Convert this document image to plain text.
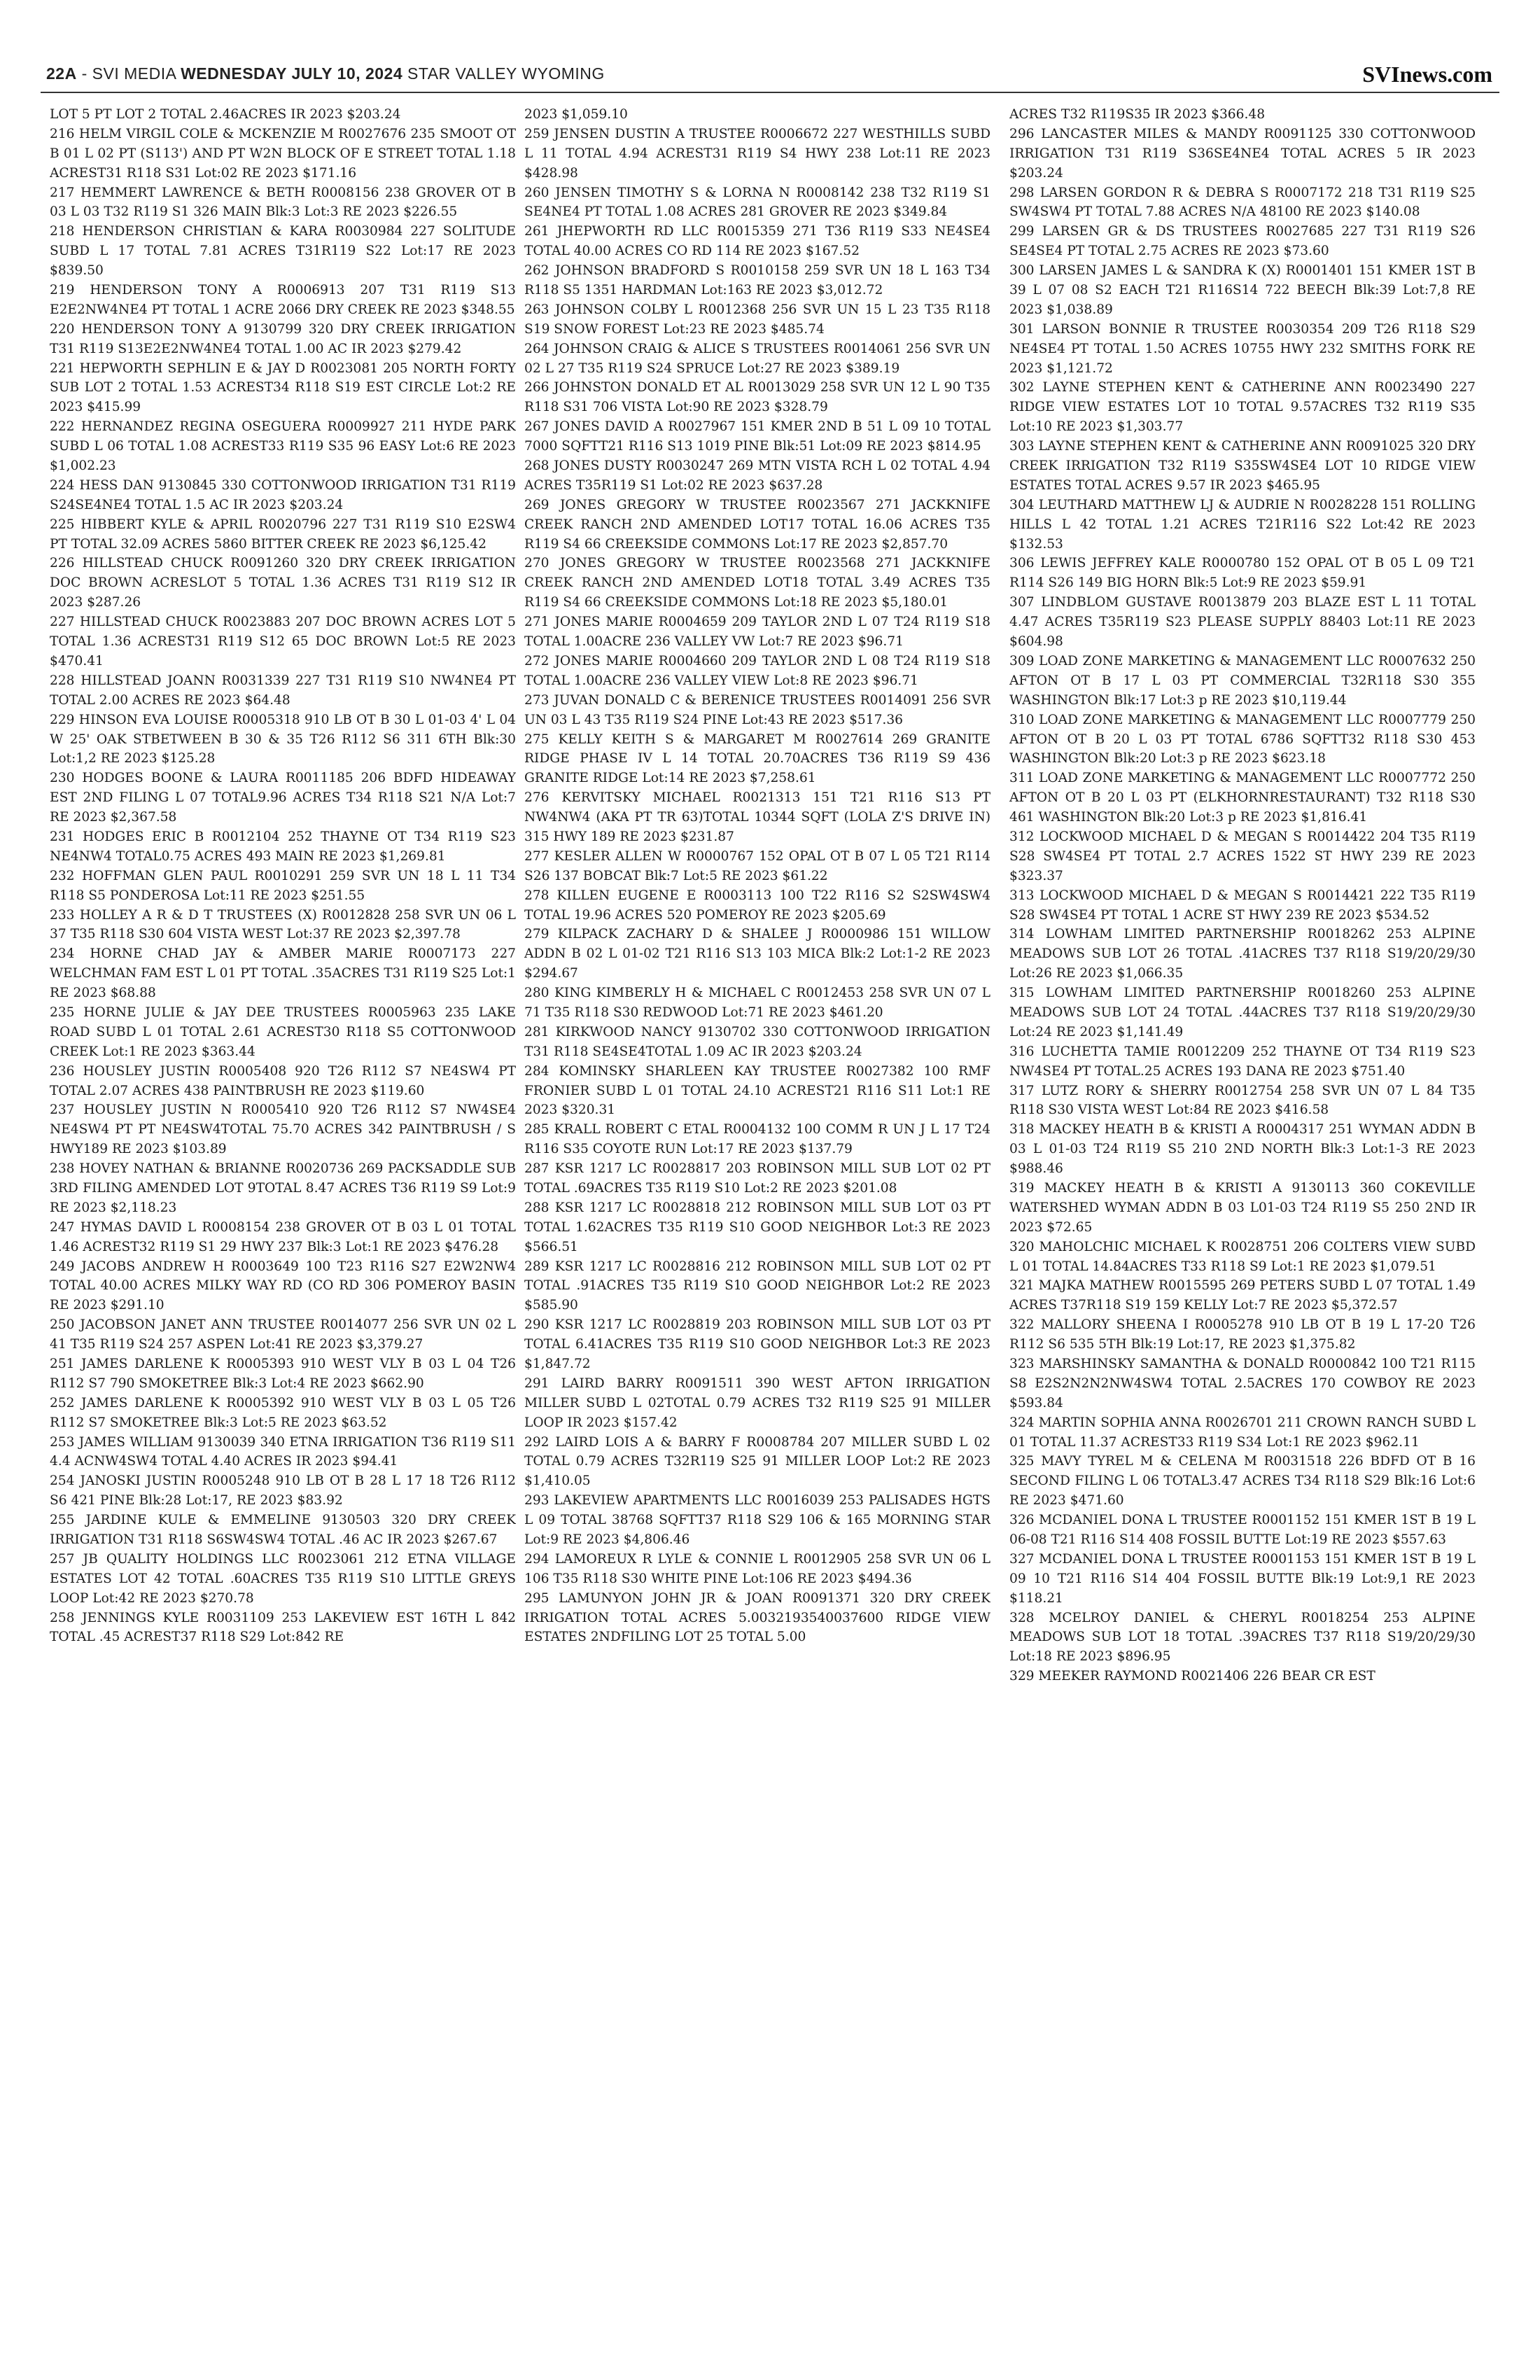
22A - SVI MEDIA WEDNESDAY JULY 10, 2024 STAR VALLEY WYOMING	SVInews.com

LOT 5 PT LOT 2 TOTAL 2.46ACRES IR 2023 $203.24

216 HELM VIRGIL COLE & MCKENZIE M R0027676 235 SMOOT OT B 01 L 02 PT (S113') AND PT W2N BLOCK OF E STREET TOTAL 1.18 ACREST31 R118 S31 Lot:02 RE 2023 $171.16

217 HEMMERT LAWRENCE & BETH R0008156 238 GROVER OT B 03 L 03 T32 R119 S1 326 MAIN Blk:3 Lot:3 RE 2023 $226.55

218 HENDERSON CHRISTIAN & KARA R0030984 227 SOLITUDE SUBD L 17 TOTAL 7.81 ACRES T31R119 S22 Lot:17 RE 2023 $839.50

219 HENDERSON TONY A R0006913 207 T31 R119 S13 E2E2NW4NE4 PT TOTAL 1 ACRE 2066 DRY CREEK RE 2023 $348.55

220 HENDERSON TONY A 9130799 320 DRY CREEK IRRIGATION T31 R119 S13E2E2NW4NE4 TOTAL 1.00 AC IR 2023 $279.42

221 HEPWORTH SEPHLIN E & JAY D R0023081 205 NORTH FORTY SUB LOT 2 TOTAL 1.53 ACREST34 R118 S19 EST CIRCLE Lot:2 RE 2023 $415.99

222 HERNANDEZ REGINA OSEGUERA R0009927 211 HYDE PARK SUBD L 06 TOTAL 1.08 ACREST33 R119 S35 96 EASY Lot:6 RE 2023 $1,002.23

224 HESS DAN 9130845 330 COTTONWOOD IRRIGATION T31 R119 S24SE4NE4 TOTAL 1.5 AC IR 2023 $203.24

225 HIBBERT KYLE & APRIL R0020796 227 T31 R119 S10 E2SW4 PT TOTAL 32.09 ACRES 5860 BITTER CREEK RE 2023 $6,125.42

226 HILLSTEAD CHUCK R0091260 320 DRY CREEK IRRIGATION DOC BROWN ACRESLOT 5 TOTAL 1.36 ACRES T31 R119 S12 IR 2023 $287.26

227 HILLSTEAD CHUCK R0023883 207 DOC BROWN ACRES LOT 5 TOTAL 1.36 ACREST31 R119 S12 65 DOC BROWN Lot:5 RE 2023 $470.41

228 HILLSTEAD JOANN R0031339 227 T31 R119 S10 NW4NE4 PT TOTAL 2.00 ACRES RE 2023 $64.48

229 HINSON EVA LOUISE R0005318 910 LB OT B 30 L 01-03 4' L 04 W 25' OAK STBETWEEN B 30 & 35 T26 R112 S6 311 6TH Blk:30 Lot:1,2 RE 2023 $125.28

230 HODGES BOONE & LAURA R0011185 206 BDFD HIDEAWAY EST 2ND FILING L 07 TOTAL9.96 ACRES T34 R118 S21 N/A Lot:7 RE 2023 $2,367.58

231 HODGES ERIC B R0012104 252 THAYNE OT T34 R119 S23 NE4NW4 TOTAL0.75 ACRES 493 MAIN RE 2023 $1,269.81

232 HOFFMAN GLEN PAUL R0010291 259 SVR UN 18 L 11 T34 R118 S5 PONDEROSA Lot:11 RE 2023 $251.55

233 HOLLEY A R & D T TRUSTEES (X) R0012828 258 SVR UN 06 L 37 T35 R118 S30 604 VISTA WEST Lot:37 RE 2023 $2,397.78

234 HORNE CHAD JAY & AMBER MARIE R0007173 227 WELCHMAN FAM EST L 01 PT TOTAL .35ACRES T31 R119 S25 Lot:1 RE 2023 $68.88

235 HORNE JULIE & JAY DEE TRUSTEES R0005963 235 LAKE ROAD SUBD L 01 TOTAL 2.61 ACREST30 R118 S5 COTTONWOOD CREEK Lot:1 RE 2023 $363.44

236 HOUSLEY JUSTIN R0005408 920 T26 R112 S7 NE4SW4 PT TOTAL 2.07 ACRES 438 PAINTBRUSH RE 2023 $119.60

237 HOUSLEY JUSTIN N R0005410 920 T26 R112 S7 NW4SE4 NE4SW4 PT PT NE4SW4TOTAL 75.70 ACRES 342 PAINTBRUSH / S HWY189 RE 2023 $103.89

238 HOVEY NATHAN & BRIANNE R0020736 269 PACKSADDLE SUB 3RD FILING AMENDED LOT 9TOTAL 8.47 ACRES T36 R119 S9 Lot:9 RE 2023 $2,118.23

247 HYMAS DAVID L R0008154 238 GROVER OT B 03 L 01 TOTAL 1.46 ACREST32 R119 S1 29 HWY 237 Blk:3 Lot:1 RE 2023 $476.28

249 JACOBS ANDREW H R0003649 100 T23 R116 S27 E2W2NW4 TOTAL 40.00 ACRES MILKY WAY RD (CO RD 306 POMEROY BASIN RE 2023 $291.10

250 JACOBSON JANET ANN TRUSTEE R0014077 256 SVR UN 02 L 41 T35 R119 S24 257 ASPEN Lot:41 RE 2023 $3,379.27

251 JAMES DARLENE K R0005393 910 WEST VLY B 03 L 04 T26 R112 S7 790 SMOKETREE Blk:3 Lot:4 RE 2023 $662.90

252 JAMES DARLENE K R0005392 910 WEST VLY B 03 L 05 T26 R112 S7 SMOKETREE Blk:3 Lot:5 RE 2023 $63.52

253 JAMES WILLIAM 9130039 340 ETNA IRRIGATION T36 R119 S11 4.4 ACNW4SW4 TOTAL 4.40 ACRES IR 2023 $94.41

254 JANOSKI JUSTIN R0005248 910 LB OT B 28 L 17 18 T26 R112 S6 421 PINE Blk:28 Lot:17, RE 2023 $83.92

255 JARDINE KULE & EMMELINE 9130503 320 DRY CREEK IRRIGATION T31 R118 S6SW4SW4 TOTAL .46 AC IR 2023 $267.67

257 JB QUALITY HOLDINGS LLC R0023061 212 ETNA VILLAGE ESTATES LOT 42 TOTAL .60ACRES T35 R119 S10 LITTLE GREYS LOOP Lot:42 RE 2023 $270.78

258 JENNINGS KYLE R0031109 253 LAKEVIEW EST 16TH L 842 TOTAL .45 ACREST37 R118 S29 Lot:842 RE

2023 $1,059.10

259 JENSEN DUSTIN A TRUSTEE R0006672 227 WESTHILLS SUBD L 11 TOTAL 4.94 ACREST31 R119 S4 HWY 238 Lot:11 RE 2023 $428.98

260 JENSEN TIMOTHY S & LORNA N R0008142 238 T32 R119 S1 SE4NE4 PT TOTAL 1.08 ACRES 281 GROVER RE 2023 $349.84

261 JHEPWORTH RD LLC R0015359 271 T36 R119 S33 NE4SE4 TOTAL 40.00 ACRES CO RD 114 RE 2023 $167.52

262 JOHNSON BRADFORD S R0010158 259 SVR UN 18 L 163 T34 R118 S5 1351 HARDMAN Lot:163 RE 2023 $3,012.72

263 JOHNSON COLBY L R0012368 256 SVR UN 15 L 23 T35 R118 S19 SNOW FOREST Lot:23 RE 2023 $485.74

264 JOHNSON CRAIG & ALICE S TRUSTEES R0014061 256 SVR UN 02 L 27 T35 R119 S24 SPRUCE Lot:27 RE 2023 $389.19

266 JOHNSTON DONALD ET AL R0013029 258 SVR UN 12 L 90 T35 R118 S31 706 VISTA Lot:90 RE 2023 $328.79

267 JONES DAVID A R0027967 151 KMER 2ND B 51 L 09 10 TOTAL 7000 SQFTT21 R116 S13 1019 PINE Blk:51 Lot:09 RE 2023 $814.95

268 JONES DUSTY R0030247 269 MTN VISTA RCH L 02 TOTAL 4.94 ACRES T35R119 S1 Lot:02 RE 2023 $637.28

269 JONES GREGORY W TRUSTEE R0023567 271 JACKKNIFE CREEK RANCH 2ND AMENDED LOT17 TOTAL 16.06 ACRES T35 R119 S4 66 CREEKSIDE COMMONS Lot:17 RE 2023 $2,857.70

270 JONES GREGORY W TRUSTEE R0023568 271 JACKKNIFE CREEK RANCH 2ND AMENDED LOT18 TOTAL 3.49 ACRES T35 R119 S4 66 CREEKSIDE COMMONS Lot:18 RE 2023 $5,180.01

271 JONES MARIE R0004659 209 TAYLOR 2ND L 07 T24 R119 S18 TOTAL 1.00ACRE 236 VALLEY VW Lot:7 RE 2023 $96.71

272 JONES MARIE R0004660 209 TAYLOR 2ND L 08 T24 R119 S18 TOTAL 1.00ACRE 236 VALLEY VIEW Lot:8 RE 2023 $96.71

273 JUVAN DONALD C & BERENICE TRUSTEES R0014091 256 SVR UN 03 L 43 T35 R119 S24 PINE Lot:43 RE 2023 $517.36

275 KELLY KEITH S & MARGARET M R0027614 269 GRANITE RIDGE PHASE IV L 14 TOTAL 20.70ACRES T36 R119 S9 436 GRANITE RIDGE Lot:14 RE 2023 $7,258.61

276 KERVITSKY MICHAEL R0021313 151 T21 R116 S13 PT NW4NW4 (AKA PT TR 63)TOTAL 10344 SQFT (LOLA Z'S DRIVE IN) 315 HWY 189 RE 2023 $231.87

277 KESLER ALLEN W R0000767 152 OPAL OT B 07 L 05 T21 R114 S26 137 BOBCAT Blk:7 Lot:5 RE 2023 $61.22

278 KILLEN EUGENE E R0003113 100 T22 R116 S2 S2SW4SW4 TOTAL 19.96 ACRES 520 POMEROY RE 2023 $205.69

279 KILPACK ZACHARY D & SHALEE J R0000986 151 WILLOW ADDN B 02 L 01-02 T21 R116 S13 103 MICA Blk:2 Lot:1-2 RE 2023 $294.67

280 KING KIMBERLY H & MICHAEL C R0012453 258 SVR UN 07 L 71 T35 R118 S30 REDWOOD Lot:71 RE 2023 $461.20

281 KIRKWOOD NANCY 9130702 330 COTTONWOOD IRRIGATION T31 R118 SE4SE4TOTAL 1.09 AC IR 2023 $203.24

284 KOMINSKY SHARLEEN KAY TRUSTEE R0027382 100 RMF FRONIER SUBD L 01 TOTAL 24.10 ACREST21 R116 S11 Lot:1 RE 2023 $320.31

285 KRALL ROBERT C ETAL R0004132 100 COMM R UN J L 17 T24 R116 S35 COYOTE RUN Lot:17 RE 2023 $137.79

287 KSR 1217 LC R0028817 203 ROBINSON MILL SUB LOT 02 PT TOTAL .69ACRES T35 R119 S10 Lot:2 RE 2023 $201.08

288 KSR 1217 LC R0028818 212 ROBINSON MILL SUB LOT 03 PT TOTAL 1.62ACRES T35 R119 S10 GOOD NEIGHBOR Lot:3 RE 2023 $566.51

289 KSR 1217 LC R0028816 212 ROBINSON MILL SUB LOT 02 PT TOTAL .91ACRES T35 R119 S10 GOOD NEIGHBOR Lot:2 RE 2023 $585.90

290 KSR 1217 LC R0028819 203 ROBINSON MILL SUB LOT 03 PT TOTAL 6.41ACRES T35 R119 S10 GOOD NEIGHBOR Lot:3 RE 2023 $1,847.72

291 LAIRD BARRY R0091511 390 WEST AFTON IRRIGATION MILLER SUBD L 02TOTAL 0.79 ACRES T32 R119 S25 91 MILLER LOOP IR 2023 $157.42

292 LAIRD LOIS A & BARRY F R0008784 207 MILLER SUBD L 02 TOTAL 0.79 ACRES T32R119 S25 91 MILLER LOOP Lot:2 RE 2023 $1,410.05

293 LAKEVIEW APARTMENTS LLC R0016039 253 PALISADES HGTS L 09 TOTAL 38768 SQFTT37 R118 S29 106 & 165 MORNING STAR Lot:9 RE 2023 $4,806.46

294 LAMOREUX R LYLE & CONNIE L R0012905 258 SVR UN 06 L 106 T35 R118 S30 WHITE PINE Lot:106 RE 2023 $494.36

295 LAMUNYON JOHN JR & JOAN R0091371 320 DRY CREEK IRRIGATION TOTAL ACRES 5.0032193540037600 RIDGE VIEW ESTATES 2NDFILING LOT 25 TOTAL 5.00

ACRES T32 R119S35 IR 2023 $366.48

296 LANCASTER MILES & MANDY R0091125 330 COTTONWOOD IRRIGATION T31 R119 S36SE4NE4 TOTAL ACRES 5 IR 2023 $203.24

298 LARSEN GORDON R & DEBRA S R0007172 218 T31 R119 S25 SW4SW4 PT TOTAL 7.88 ACRES N/A 48100 RE 2023 $140.08

299 LARSEN GR & DS TRUSTEES R0027685 227 T31 R119 S26 SE4SE4 PT TOTAL 2.75 ACRES RE 2023 $73.60

300 LARSEN JAMES L & SANDRA K (X) R0001401 151 KMER 1ST B 39 L 07 08 S2 EACH T21 R116S14 722 BEECH Blk:39 Lot:7,8 RE 2023 $1,038.89

301 LARSON BONNIE R TRUSTEE R0030354 209 T26 R118 S29 NE4SE4 PT TOTAL 1.50 ACRES 10755 HWY 232 SMITHS FORK RE 2023 $1,121.72

302 LAYNE STEPHEN KENT & CATHERINE ANN R0023490 227 RIDGE VIEW ESTATES LOT 10 TOTAL 9.57ACRES T32 R119 S35 Lot:10 RE 2023 $1,303.77

303 LAYNE STEPHEN KENT & CATHERINE ANN R0091025 320 DRY CREEK IRRIGATION T32 R119 S35SW4SE4 LOT 10 RIDGE VIEW ESTATES TOTAL ACRES 9.57 IR 2023 $465.95

304 LEUTHARD MATTHEW LJ & AUDRIE N R0028228 151 ROLLING HILLS L 42 TOTAL 1.21 ACRES T21R116 S22 Lot:42 RE 2023 $132.53

306 LEWIS JEFFREY KALE R0000780 152 OPAL OT B 05 L 09 T21 R114 S26 149 BIG HORN Blk:5 Lot:9 RE 2023 $59.91

307 LINDBLOM GUSTAVE R0013879 203 BLAZE EST L 11 TOTAL 4.47 ACRES T35R119 S23 PLEASE SUPPLY 88403 Lot:11 RE 2023 $604.98

309 LOAD ZONE MARKETING & MANAGEMENT LLC R0007632 250 AFTON OT B 17 L 03 PT COMMERCIAL T32R118 S30 355 WASHINGTON Blk:17 Lot:3 p RE 2023 $10,119.44

310 LOAD ZONE MARKETING & MANAGEMENT LLC R0007779 250 AFTON OT B 20 L 03 PT TOTAL 6786 SQFTT32 R118 S30 453 WASHINGTON Blk:20 Lot:3 p RE 2023 $623.18

311 LOAD ZONE MARKETING & MANAGEMENT LLC R0007772 250 AFTON OT B 20 L 03 PT (ELKHORNRESTAURANT) T32 R118 S30 461 WASHINGTON Blk:20 Lot:3 p RE 2023 $1,816.41

312 LOCKWOOD MICHAEL D & MEGAN S R0014422 204 T35 R119 S28 SW4SE4 PT TOTAL 2.7 ACRES 1522 ST HWY 239 RE 2023 $323.37

313 LOCKWOOD MICHAEL D & MEGAN S R0014421 222 T35 R119 S28 SW4SE4 PT TOTAL 1 ACRE ST HWY 239 RE 2023 $534.52

314 LOWHAM LIMITED PARTNERSHIP R0018262 253 ALPINE MEADOWS SUB LOT 26 TOTAL .41ACRES T37 R118 S19/20/29/30 Lot:26 RE 2023 $1,066.35

315 LOWHAM LIMITED PARTNERSHIP R0018260 253 ALPINE MEADOWS SUB LOT 24 TOTAL .44ACRES T37 R118 S19/20/29/30 Lot:24 RE 2023 $1,141.49

316 LUCHETTA TAMIE R0012209 252 THAYNE OT T34 R119 S23 NW4SE4 PT TOTAL.25 ACRES 193 DANA RE 2023 $751.40

317 LUTZ RORY & SHERRY R0012754 258 SVR UN 07 L 84 T35 R118 S30 VISTA WEST Lot:84 RE 2023 $416.58

318 MACKEY HEATH B & KRISTI A R0004317 251 WYMAN ADDN B 03 L 01-03 T24 R119 S5 210 2ND NORTH Blk:3 Lot:1-3 RE 2023 $988.46

319 MACKEY HEATH B & KRISTI A 9130113 360 COKEVILLE WATERSHED WYMAN ADDN B 03 L01-03 T24 R119 S5 250 2ND IR 2023 $72.65

320 MAHOLCHIC MICHAEL K R0028751 206 COLTERS VIEW SUBD L 01 TOTAL 14.84ACRES T33 R118 S9 Lot:1 RE 2023 $1,079.51

321 MAJKA MATHEW R0015595 269 PETERS SUBD L 07 TOTAL 1.49 ACRES T37R118 S19 159 KELLY Lot:7 RE 2023 $5,372.57

322 MALLORY SHEENA I R0005278 910 LB OT B 19 L 17-20 T26 R112 S6 535 5TH Blk:19 Lot:17, RE 2023 $1,375.82

323 MARSHINSKY SAMANTHA & DONALD R0000842 100 T21 R115 S8 E2S2N2N2NW4SW4 TOTAL 2.5ACRES 170 COWBOY RE 2023 $593.84

324 MARTIN SOPHIA ANNA R0026701 211 CROWN RANCH SUBD L 01 TOTAL 11.37 ACREST33 R119 S34 Lot:1 RE 2023 $962.11

325 MAVY TYREL M & CELENA M R0031518 226 BDFD OT B 16 SECOND FILING L 06 TOTAL3.47 ACRES T34 R118 S29 Blk:16 Lot:6 RE 2023 $471.60

326 MCDANIEL DONA L TRUSTEE R0001152 151 KMER 1ST B 19 L 06-08 T21 R116 S14 408 FOSSIL BUTTE Lot:19 RE 2023 $557.63

327 MCDANIEL DONA L TRUSTEE R0001153 151 KMER 1ST B 19 L 09 10 T21 R116 S14 404 FOSSIL BUTTE Blk:19 Lot:9,1 RE 2023 $118.21

328 MCELROY DANIEL & CHERYL R0018254 253 ALPINE MEADOWS SUB LOT 18 TOTAL .39ACRES T37 R118 S19/20/29/30 Lot:18 RE 2023 $896.95

329 MEEKER RAYMOND R0021406 226 BEAR CR EST
